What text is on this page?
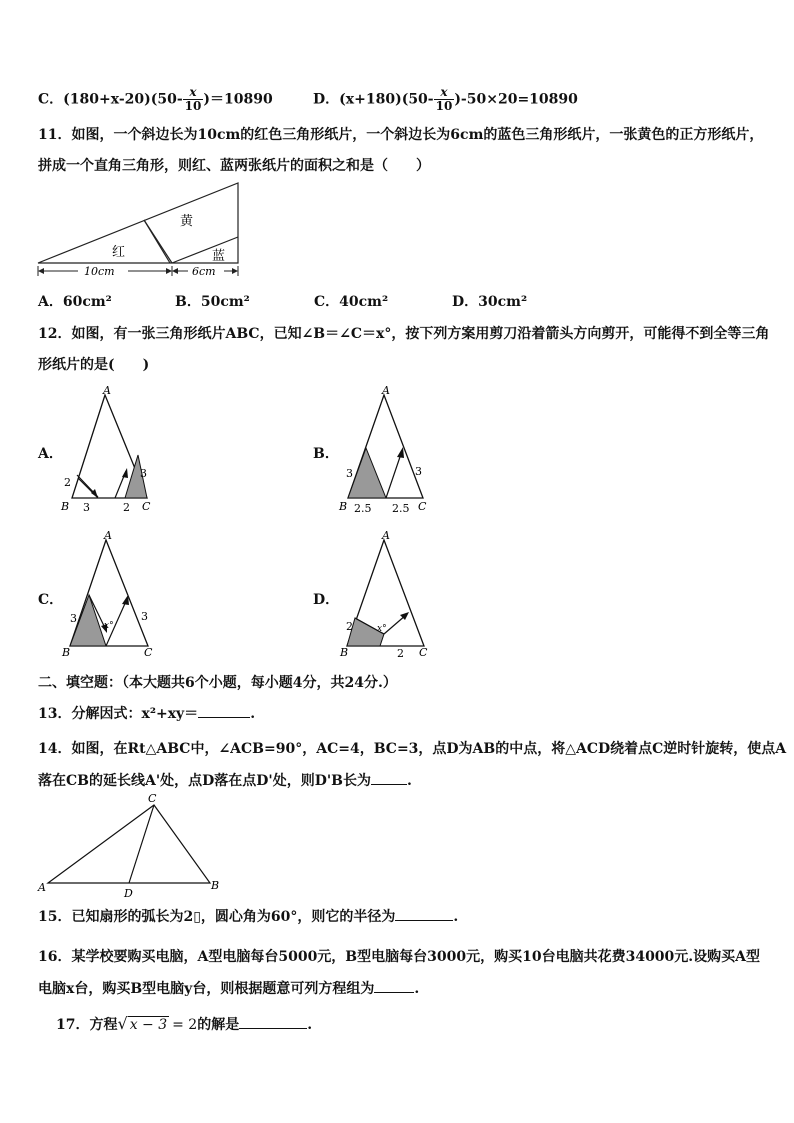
C．$(180+x-20)(50- \frac{x}{10} )=10890$	D．$(x+180)(50- \frac{x}{10} )-50\times 20=10890$
11．如图，一个斜边长为10cm的红色三角形纸片，一个斜边长为6cm的蓝色三角形纸片，一张黄色的正方形纸片，
拼成一个直角三角形，则红、蓝两张纸片的面积之和是（　　）
黄
红	蓝
10cm	6cm
A．60cm²	B．50cm²	C．40cm²	D．30cm²
12．如图，有一张三角形纸片ABC，已知∠B＝∠C＝x°，按下列方案用剪刀沿着箭头方向剪开，可能得不到全等三角
形纸片的是(　　)
A．
A
B	C
2
3	2
3
B．
A
B	C
3
2.5 2.5
3
C．
A
B	C
3	3
x°
D．
A
B	C
2
2
x°
二、填空题：（本大题共6个小题，每小题4分，共24分.）
13．分解因式：x²+xy＝	.
14．如图，在Rt△ABC中，∠ACB=90°，AC=4，BC=3，点D为AB的中点，将△ACD绕着点C逆时针旋转，使点A
落在CB的延长线A'处，点D落在点D'处，则D'B长为	.
C
A	D
B
15．已知扇形的弧长为2▯，圆心角为60°，则它的半径为	.
16．某学校要购买电脑，A型电脑每台5000元，B型电脑每台3000元，购买10台电脑共花费34000元.设购买A型
电脑x台，购买B型电脑y台，则根据题意可列方程组为	.
17．方程√ x − 3 = 2的解是	.
